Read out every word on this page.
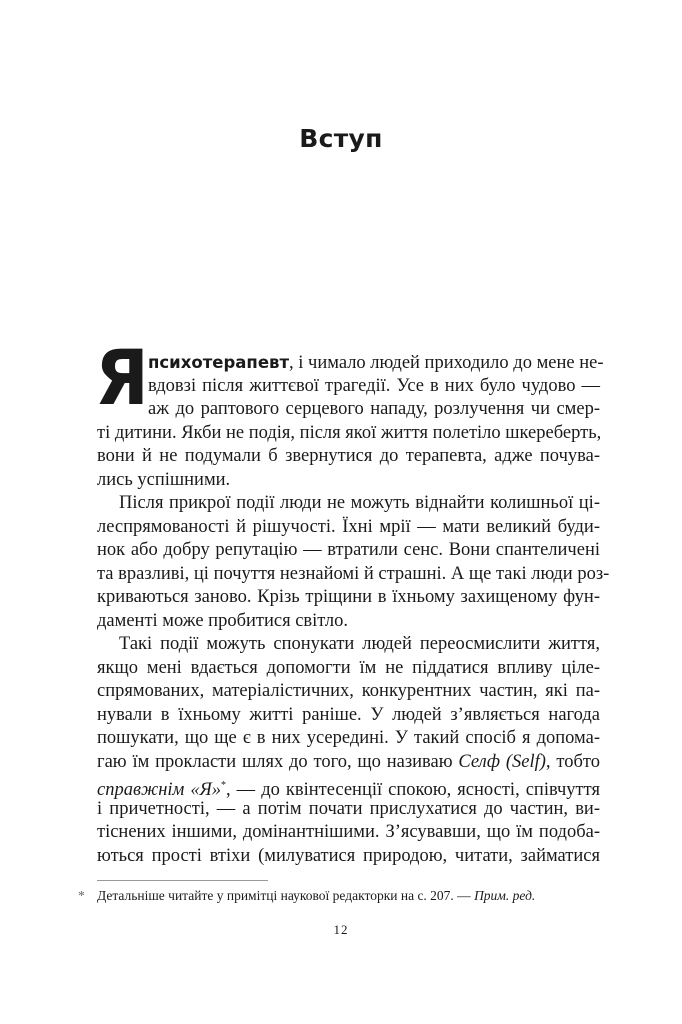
Вступ
Я психотерапевт, і чимало людей приходило до мене не-
вдовзі після життєвої трагедії. Усе в них було чудово —
аж до раптового серцевого нападу, розлучення чи смер-
ті дитини. Якби не подія, після якої життя полетіло шкереберть,
вони й не подумали б звернутися до терапевта, адже почува-
лись успішними.
Після прикрої події люди не можуть віднайти колишньої ці-
леспрямованості й рішучості. Їхні мрії — мати великий буди-
нок або добру репутацію — втратили сенс. Вони спантеличені
та вразливі, ці почуття незнайомі й страшні. А ще такі люди роз-
криваються заново. Крізь тріщини в їхньому захищеному фун-
даменті може пробитися світло.
Такі події можуть спонукати людей переосмислити життя,
якщо мені вдається допомогти їм не піддатися впливу ціле-
спрямованих, матеріалістичних, конкурентних частин, які па-
нували в їхньому житті раніше. У людей з’являється нагода
пошукати, що ще є в них усередині. У такий спосіб я допома-
гаю їм прокласти шлях до того, що називаю Селф (Self), тобто
справжнім «Я»*, — до квінтесенції спокою, ясності, співчуття
і причетності, — а потім почати прислухатися до частин, ви-
тіснених іншими, домінантнішими. З’ясувавши, що їм подоба-
ються прості втіхи (милуватися природою, читати, займатися
* Детальніше читайте у примітці наукової редакторки на с. 207. — Прим. ред.
12
